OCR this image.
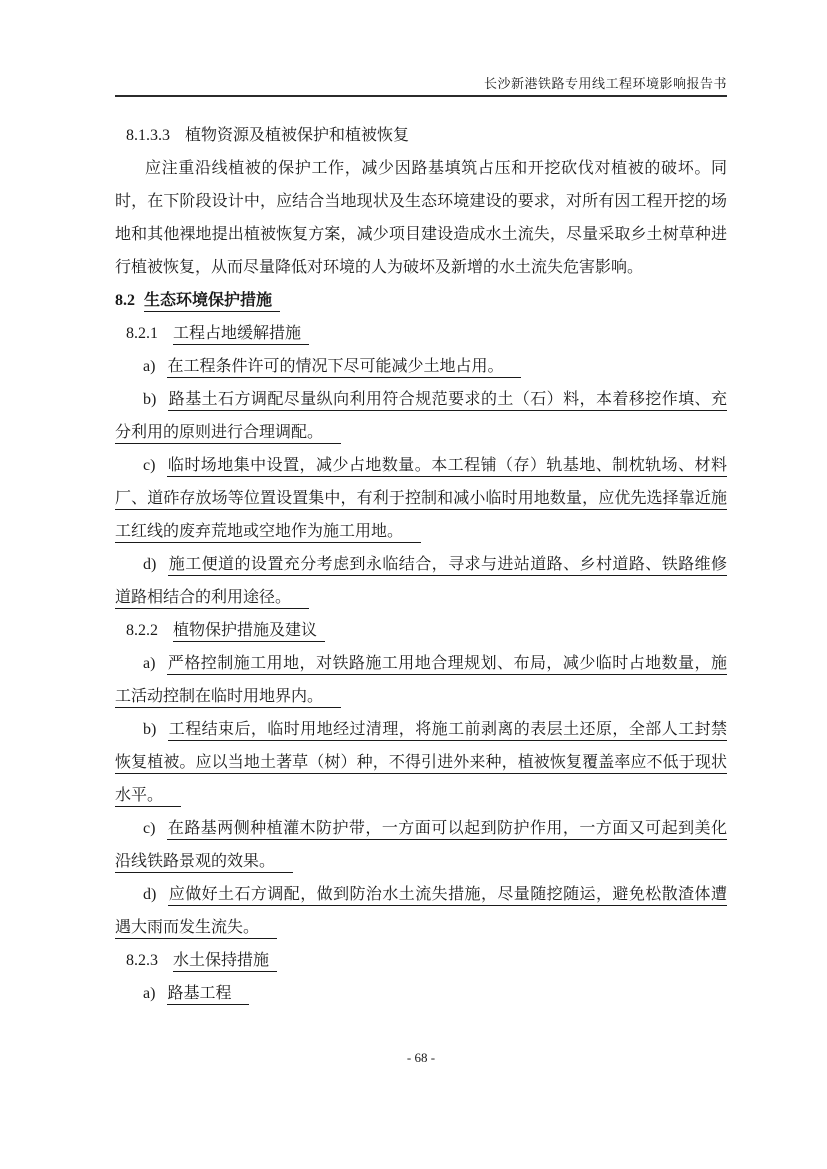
长沙新港铁路专用线工程环境影响报告书
8.1.3.3 植物资源及植被保护和植被恢复

应注重沿线植被的保护工作，减少因路基填筑占压和开挖砍伐对植被的破坏。同时，在下阶段设计中，应结合当地现状及生态环境建设的要求，对所有因工程开挖的场地和其他裸地提出植被恢复方案，减少项目建设造成水土流失，尽量采取乡土树草种进行植被恢复，从而尽量降低对环境的人为破坏及新增的水土流失危害影响。

8.2 生态环境保护措施
8.2.1 工程占地缓解措施

a) 在工程条件许可的情况下尽可能减少土地占用。

b) 路基土石方调配尽量纵向利用符合规范要求的土（石）料，本着移挖作填、充分利用的原则进行合理调配。

c) 临时场地集中设置，减少占地数量。本工程铺（存）轨基地、制枕轨场、材料厂、道砟存放场等位置设置集中，有利于控制和减小临时用地数量，应优先选择靠近施工红线的废弃荒地或空地作为施工用地。

d) 施工便道的设置充分考虑到永临结合，寻求与进站道路、乡村道路、铁路维修道路相结合的利用途径。

8.2.2 植物保护措施及建议

a) 严格控制施工用地，对铁路施工用地合理规划、布局，减少临时占地数量，施工活动控制在临时用地界内。

b) 工程结束后，临时用地经过清理，将施工前剥离的表层土还原，全部人工封禁恢复植被。应以当地土著草（树）种，不得引进外来种，植被恢复覆盖率应不低于现状水平。

c) 在路基两侧种植灌木防护带，一方面可以起到防护作用，一方面又可起到美化沿线铁路景观的效果。

d) 应做好土石方调配，做到防治水土流失措施，尽量随挖随运，避免松散渣体遭遇大雨而发生流失。

8.2.3 水土保持措施

a) 路基工程

- 68 -
